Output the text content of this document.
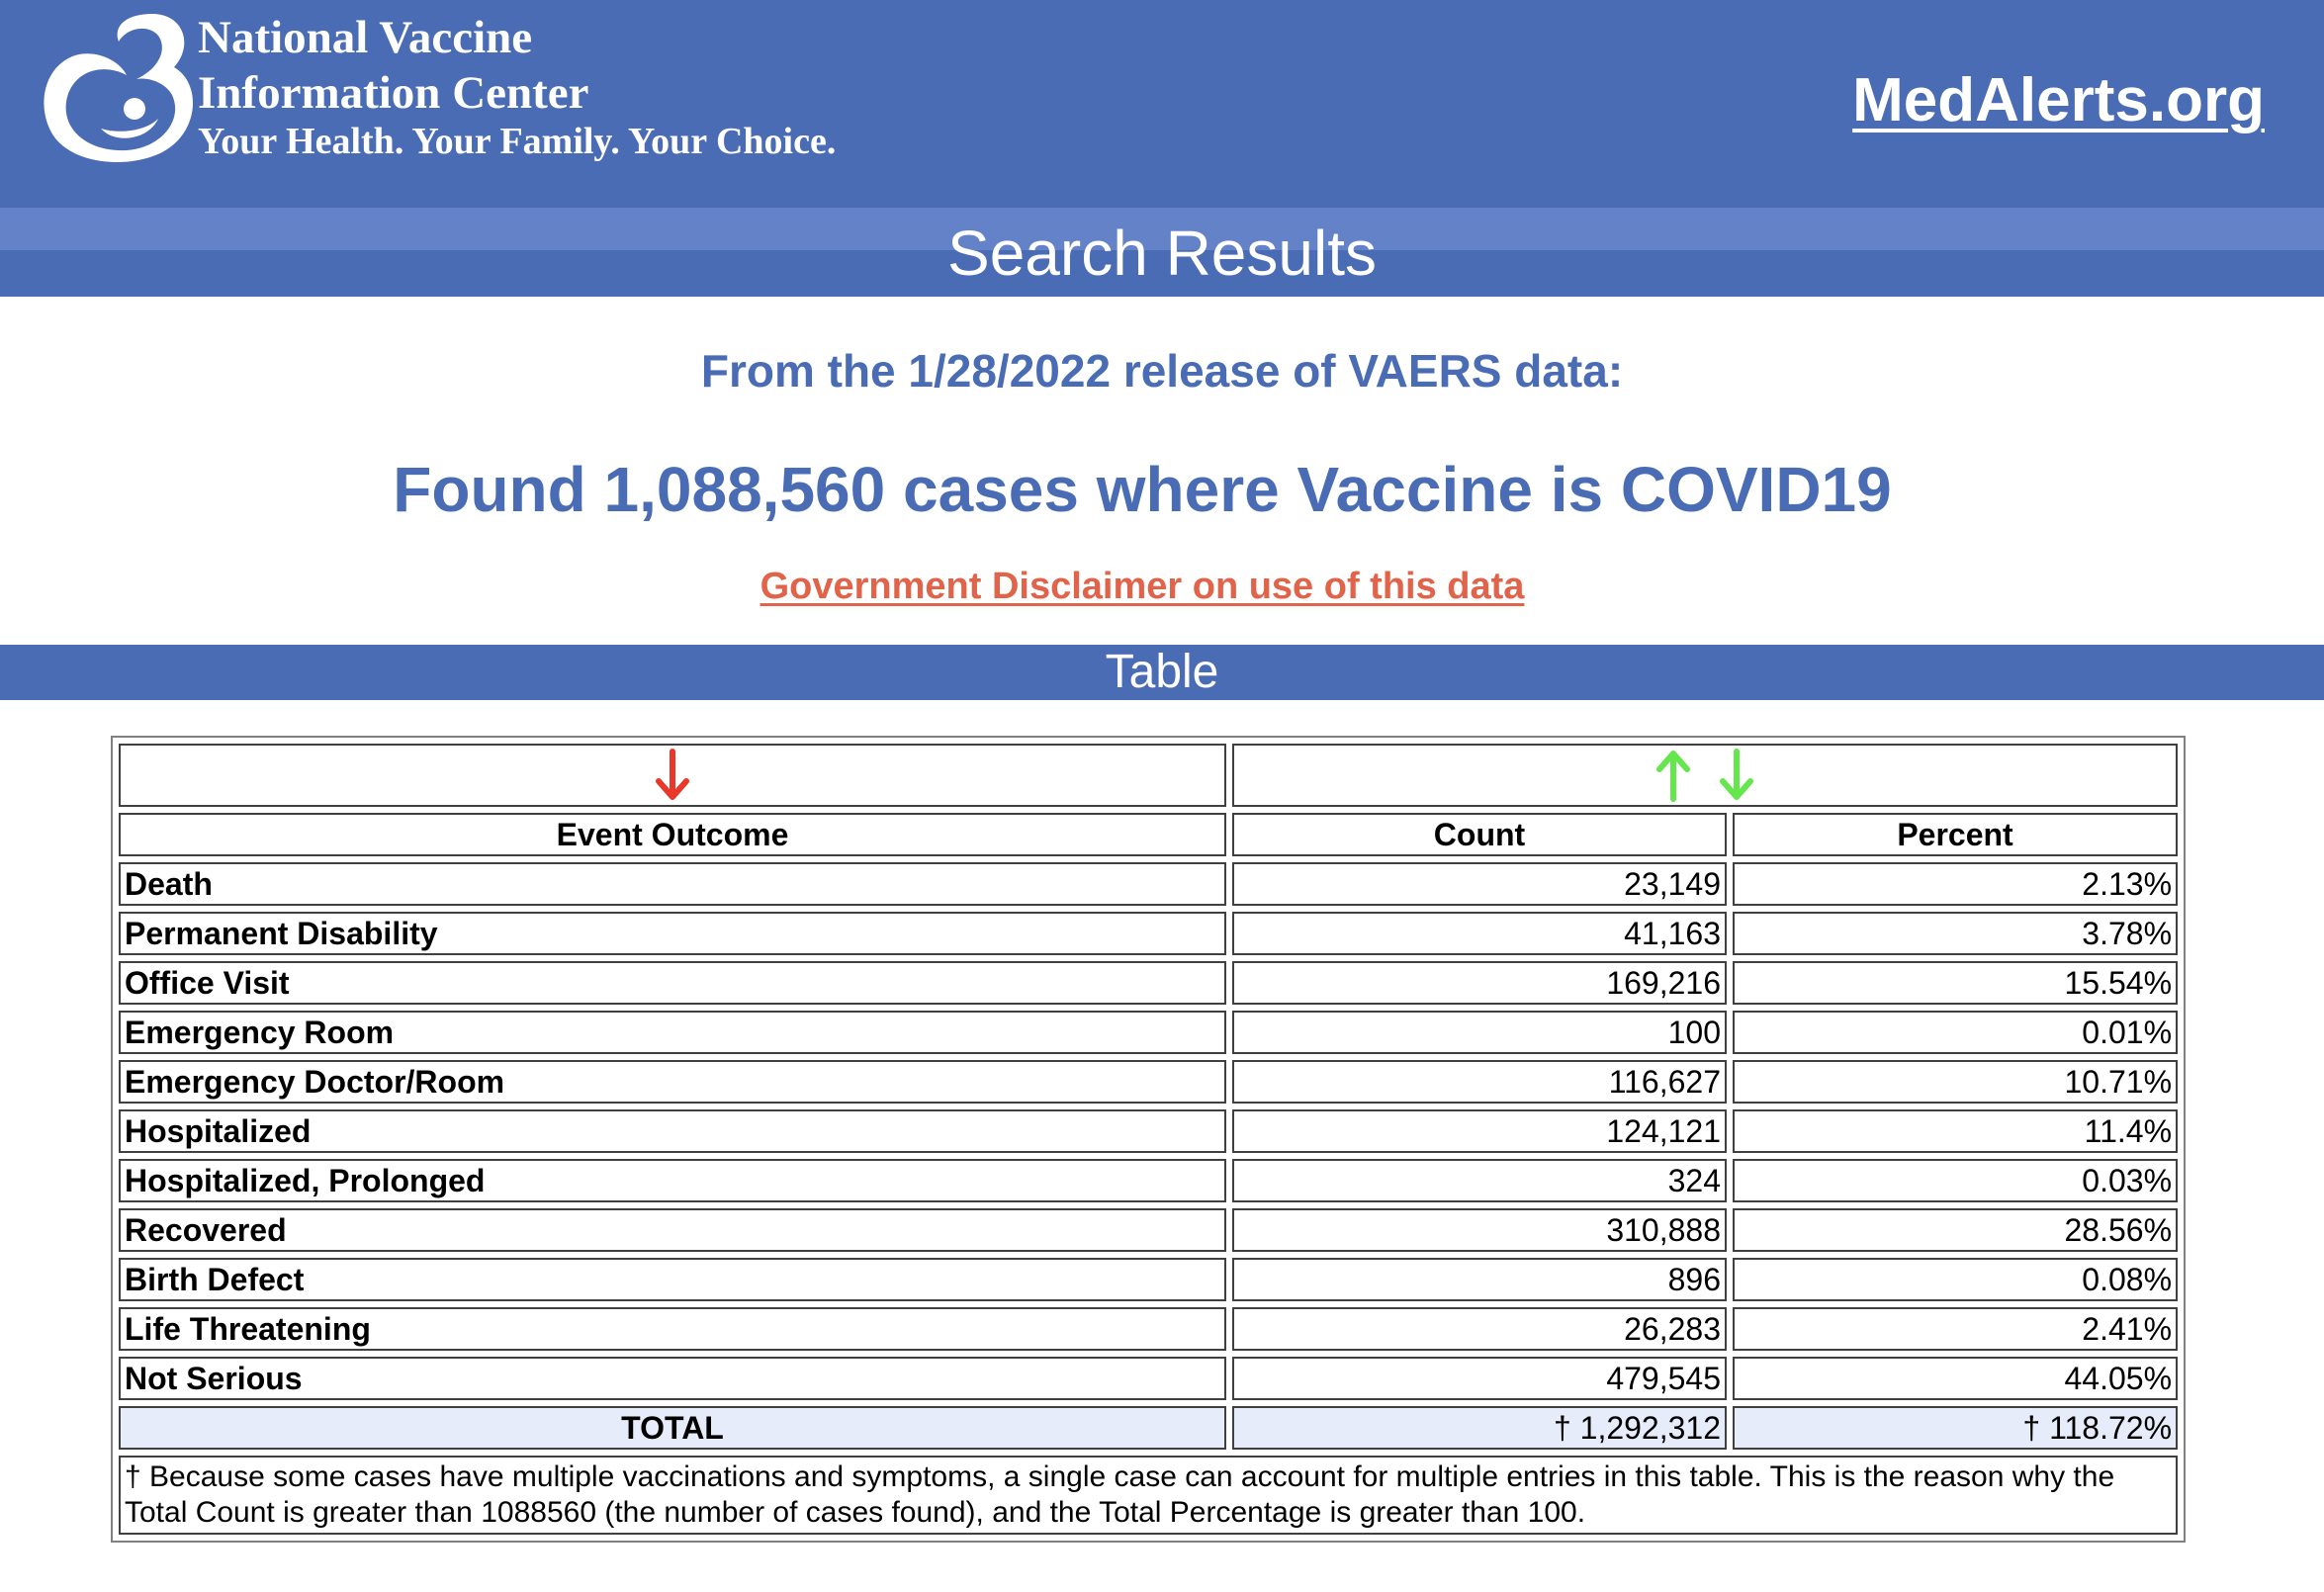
National Vaccine
Information Center
Your Health. Your Family. Your Choice.
MedAlerts.org
Search Results
From the 1/28/2022 release of VAERS data:
Found 1,088,560 cases where Vaccine is COVID19
Government Disclaimer on use of this data
Table

Event Outcome	Count	Percent
Death	23,149	2.13%
Permanent Disability	41,163	3.78%
Office Visit	169,216	15.54%
Emergency Room	100	0.01%
Emergency Doctor/Room	116,627	10.71%
Hospitalized	124,121	11.4%
Hospitalized, Prolonged	324	0.03%
Recovered	310,888	28.56%
Birth Defect	896	0.08%
Life Threatening	26,283	2.41%
Not Serious	479,545	44.05%
TOTAL	† 1,292,312	† 118.72%
† Because some cases have multiple vaccinations and symptoms, a single case can account for multiple entries in this table. This is the reason why the Total Count is greater than 1088560 (the number of cases found), and the Total Percentage is greater than 100.		
